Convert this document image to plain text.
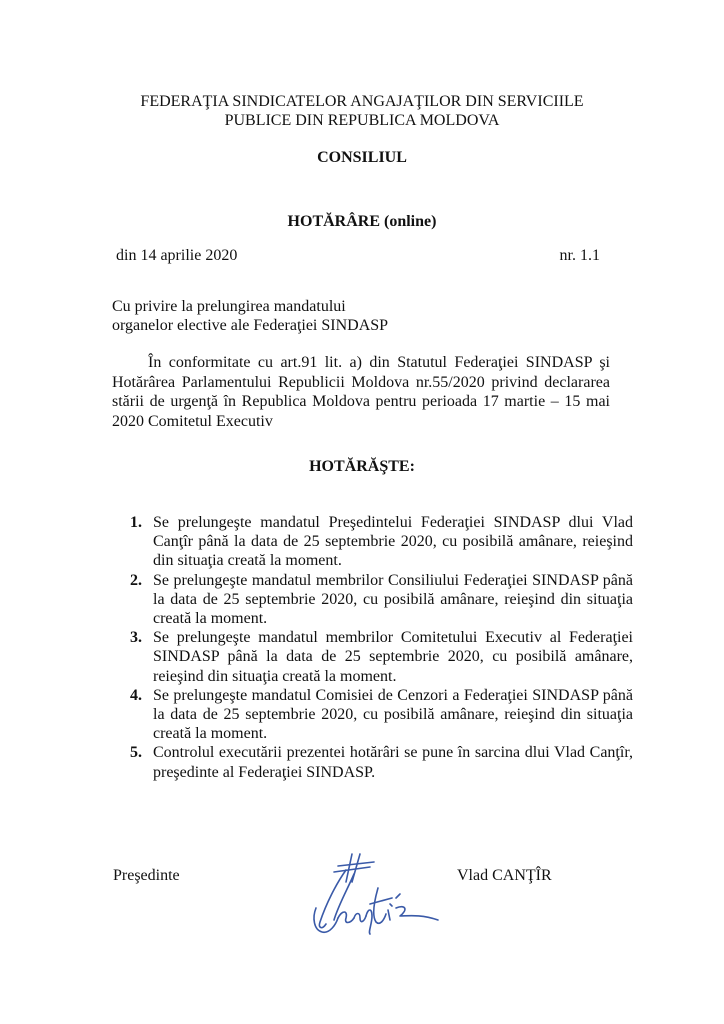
FEDERAŢIA SINDICATELOR ANGAJAŢILOR DIN SERVICIILE
PUBLICE DIN REPUBLICA MOLDOVA
CONSILIUL
HOTĂRÂRE (online)
din 14 aprilie 2020	nr. 1.1
Cu privire la prelungirea mandatului
organelor elective ale Federaţiei SINDASP
În conformitate cu art.91 lit. a) din Statutul Federaţiei SINDASP şi Hotărârea Parlamentului Republicii Moldova nr.55/2020 privind declararea stării de urgenţă în Republica Moldova pentru perioada 17 martie – 15 mai 2020 Comitetul Executiv
HOTĂRĂŞTE:
1. Se prelungeşte mandatul Preşedintelui Federaţiei SINDASP dlui Vlad Canţîr până la data de 25 septembrie 2020, cu posibilă amânare, reieşind din situaţia creată la moment.
2. Se prelungeşte mandatul membrilor Consiliului Federaţiei SINDASP până la data de 25 septembrie 2020, cu posibilă amânare, reieşind din situaţia creată la moment.
3. Se prelungeşte mandatul membrilor Comitetului Executiv al Federaţiei SINDASP până la data de 25 septembrie 2020, cu posibilă amânare, reieşind din situaţia creată la moment.
4. Se prelungeşte mandatul Comisiei de Cenzori a Federaţiei SINDASP până la data de 25 septembrie 2020, cu posibilă amânare, reieşind din situaţia creată la moment.
5. Controlul executării prezentei hotărâri se pune în sarcina dlui Vlad Canţîr, preşedinte al Federaţiei SINDASP.
Preşedinte	Vlad CANŢÎR
